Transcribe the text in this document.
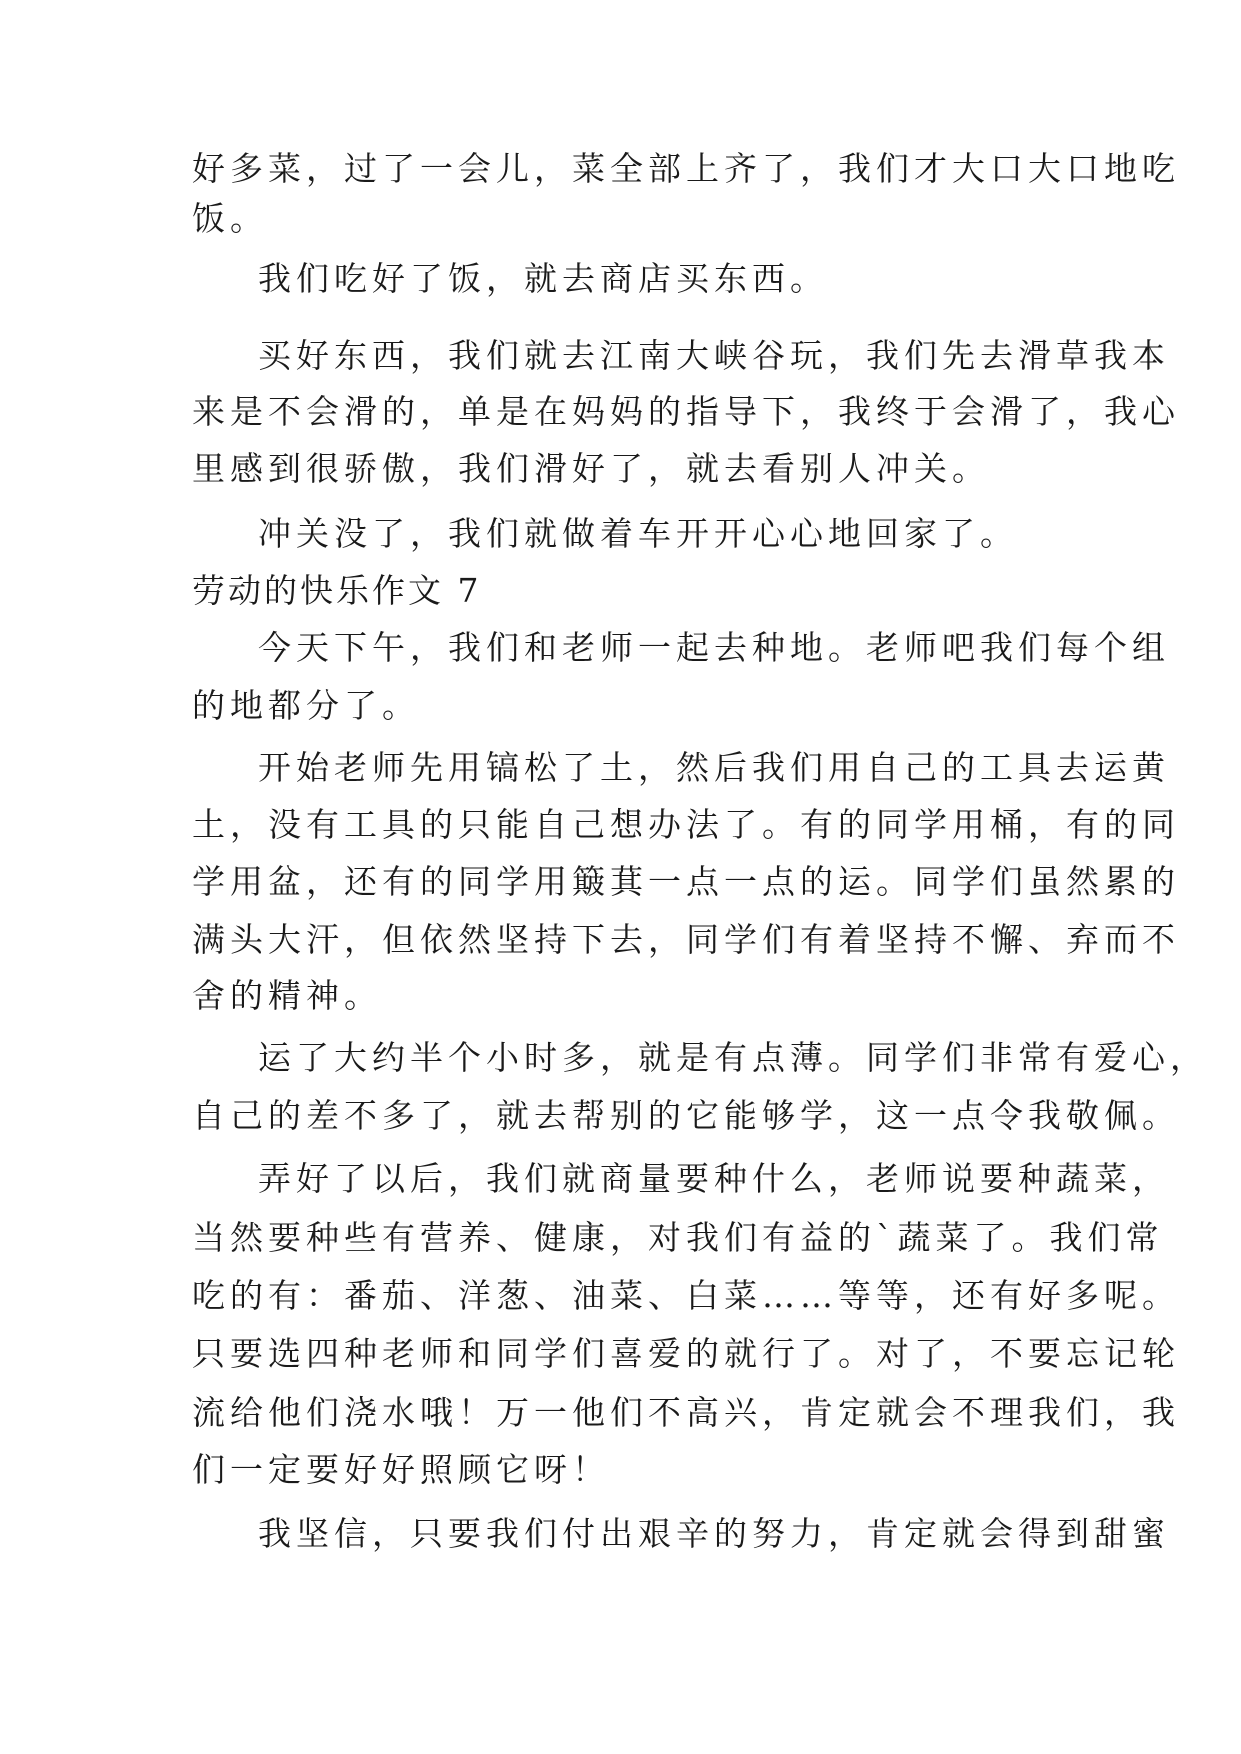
好多菜，过了一会儿，菜全部上齐了，我们才大口大口地吃
饭。
我们吃好了饭，就去商店买东西。
买好东西，我们就去江南大峡谷玩，我们先去滑草我本
来是不会滑的，单是在妈妈的指导下，我终于会滑了，我心
里感到很骄傲，我们滑好了，就去看别人冲关。
冲关没了，我们就做着车开开心心地回家了。
劳动的快乐作文 7
今天下午，我们和老师一起去种地。老师吧我们每个组
的地都分了。
开始老师先用镐松了土，然后我们用自己的工具去运黄
土，没有工具的只能自己想办法了。有的同学用桶，有的同
学用盆，还有的同学用簸萁一点一点的运。同学们虽然累的
满头大汗，但依然坚持下去，同学们有着坚持不懈、弃而不
舍的精神。
运了大约半个小时多，就是有点薄。同学们非常有爱心，
自己的差不多了，就去帮别的它能够学，这一点令我敬佩。
弄好了以后，我们就商量要种什么，老师说要种蔬菜，
当然要种些有营养、健康，对我们有益的`蔬菜了。我们常
吃的有：番茄、洋葱、油菜、白菜……等等，还有好多呢。
只要选四种老师和同学们喜爱的就行了。对了，不要忘记轮
流给他们浇水哦！万一他们不高兴，肯定就会不理我们，我
们一定要好好照顾它呀！
我坚信，只要我们付出艰辛的努力，肯定就会得到甜蜜
